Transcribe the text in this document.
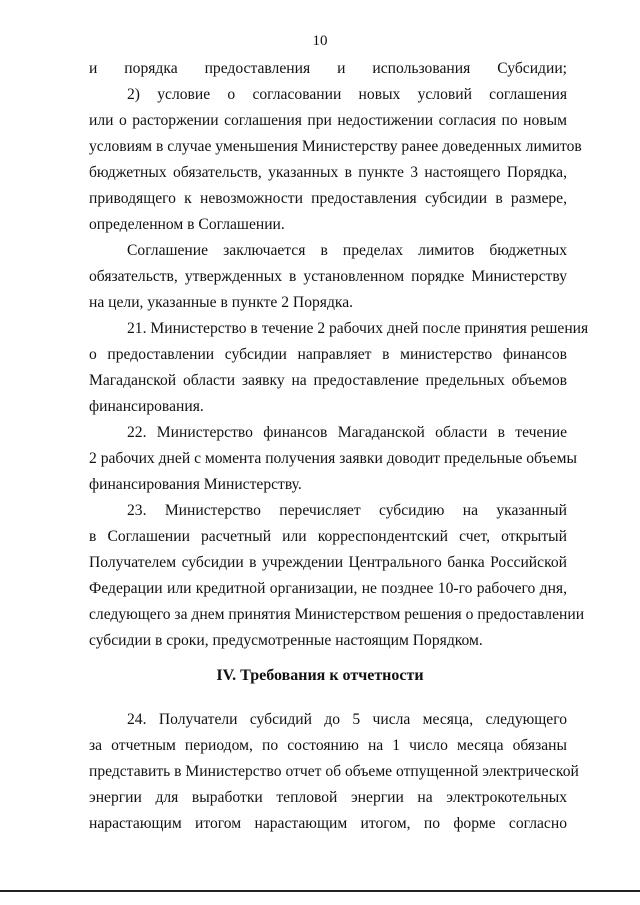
10
и порядка предоставления и использования Субсидии;
2) условие о согласовании новых условий соглашения
или о расторжении соглашения при недостижении согласия по новым
условиям в случае уменьшения Министерству ранее доведенных лимитов
бюджетных обязательств, указанных в пункте 3 настоящего Порядка,
приводящего к невозможности предоставления субсидии в размере,
определенном в Соглашении.
Соглашение заключается в пределах лимитов бюджетных
обязательств, утвержденных в установленном порядке Министерству
на цели, указанные в пункте 2 Порядка.
21. Министерство в течение 2 рабочих дней после принятия решения
о предоставлении субсидии направляет в министерство финансов
Магаданской области заявку на предоставление предельных объемов
финансирования.
22. Министерство финансов Магаданской области в течение
2 рабочих дней с момента получения заявки доводит предельные объемы
финансирования Министерству.
23. Министерство перечисляет субсидию на указанный
в Соглашении расчетный или корреспондентский счет, открытый
Получателем субсидии в учреждении Центрального банка Российской
Федерации или кредитной организации, не позднее 10-го рабочего дня,
следующего за днем принятия Министерством решения о предоставлении
субсидии в сроки, предусмотренные настоящим Порядком.
IV. Требования к отчетности
24. Получатели субсидий до 5 числа месяца, следующего
за отчетным периодом, по состоянию на 1 число месяца обязаны
представить в Министерство отчет об объеме отпущенной электрической
энергии для выработки тепловой энергии на электрокотельных
нарастающим итогом нарастающим итогом, по форме согласно
